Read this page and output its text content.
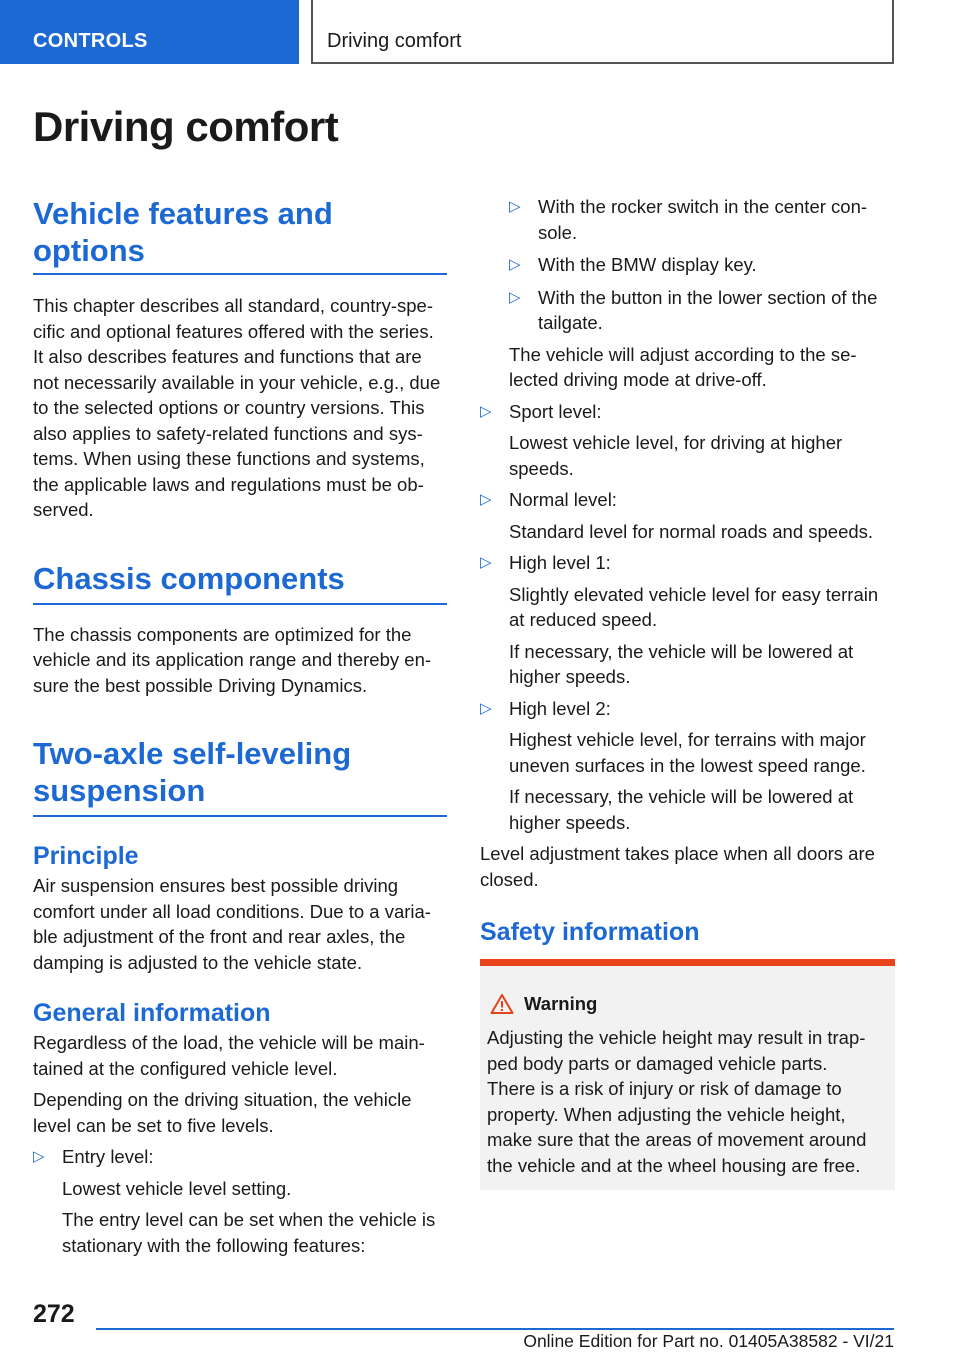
CONTROLS	Driving comfort
Driving comfort
Vehicle features and
options

This chapter describes all standard, country-spe-

cific and optional features offered with the series.

It also describes features and functions that are

not necessarily available in your vehicle, e.g., due

to the selected options or country versions. This

also applies to safety-related functions and sys-

tems. When using these functions and systems,

the applicable laws and regulations must be ob-

served.

Chassis components

The chassis components are optimized for the

vehicle and its application range and thereby en-

sure the best possible Driving Dynamics.

Two-axle self-leveling
suspension
Principle

Air suspension ensures best possible driving

comfort under all load conditions. Due to a varia-

ble adjustment of the front and rear axles, the

damping is adjusted to the vehicle state.

General information

Regardless of the load, the vehicle will be main-

tained at the configured vehicle level.

Depending on the driving situation, the vehicle

level can be set to five levels.

▷ Entry level:

Lowest vehicle level setting.

The entry level can be set when the vehicle is

stationary with the following features:

▷ With the rocker switch in the center con-

sole.

▷ With the BMW display key.

▷ With the button in the lower section of the

tailgate.

The vehicle will adjust according to the se-

lected driving mode at drive-off.

▷ Sport level:

Lowest vehicle level, for driving at higher

speeds.

▷ Normal level:

Standard level for normal roads and speeds.

▷ High level 1:

Slightly elevated vehicle level for easy terrain

at reduced speed.

If necessary, the vehicle will be lowered at

higher speeds.

▷ High level 2:

Highest vehicle level, for terrains with major

uneven surfaces in the lowest speed range.

If necessary, the vehicle will be lowered at

higher speeds.

Level adjustment takes place when all doors are

closed.

Safety information
Warning

Adjusting the vehicle height may result in trap-

ped body parts or damaged vehicle parts.

There is a risk of injury or risk of damage to

property. When adjusting the vehicle height,

make sure that the areas of movement around

the vehicle and at the wheel housing are free.

272
Online Edition for Part no. 01405A38582 - VI/21
